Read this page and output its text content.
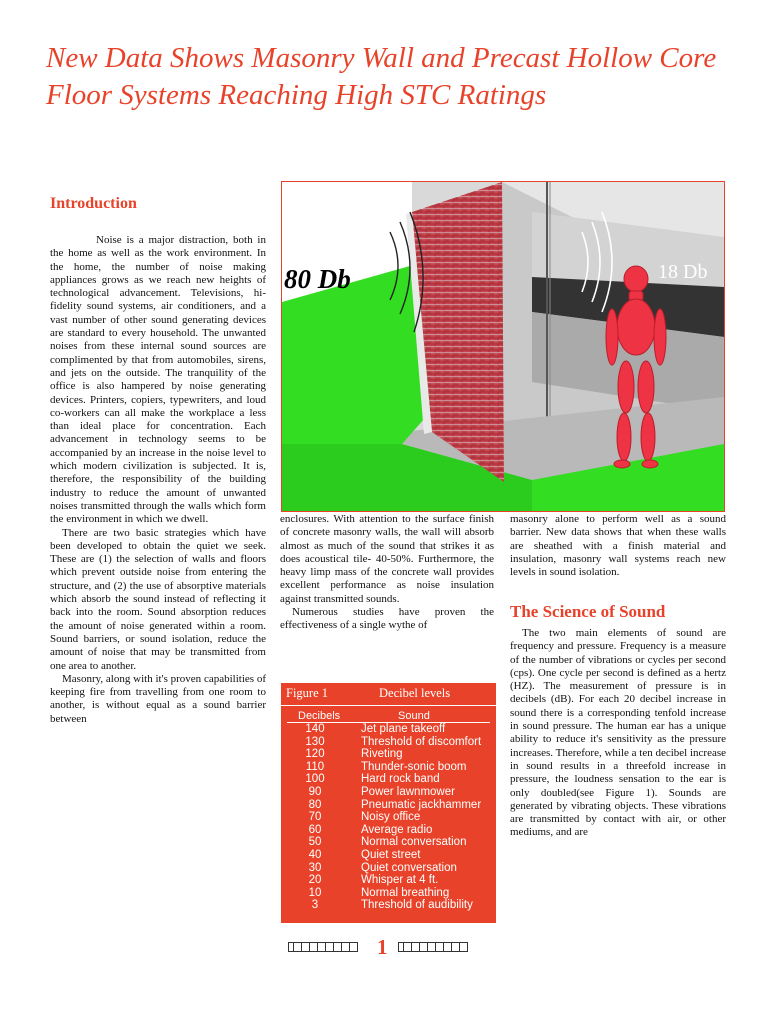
New Data Shows Masonry Wall and Precast Hollow Core Floor Systems Reaching High STC Ratings
Introduction

Noise is a major distraction, both in the home as well as the work environment. In the home, the number of noise making appliances grows as we reach new heights of technological advancement. Televisions, hi-fidelity sound systems, air conditioners, and a vast number of other sound generating devices are standard to every household. The unwanted noises from these internal sound sources are complimented by that from automobiles, sirens, and jets on the outside. The tranquility of the office is also hampered by noise generating devices. Printers, copiers, typewriters, and loud co-workers can all make the workplace a less than ideal place for concentration. Each advancement in technology seems to be accompanied by an increase in the noise level to which modern civilization is subjected. It is, therefore, the responsibility of the building industry to reduce the amount of unwanted noises transmitted through the walls which form the environment in which we dwell.

There are two basic strategies which have been developed to obtain the quiet we seek. These are (1) the selection of walls and floors which prevent outside noise from entering the structure, and (2) the use of absorptive materials which absorb the sound instead of reflecting it back into the room. Sound absorption reduces the amount of noise generated within a room. Sound barriers, or sound isolation, reduce the amount of noise that may be transmitted from one area to another.

Masonry, along with it's proven capabilities of keeping fire from travelling from one room to another, is without equal as a sound barrier between

80 Db	18 Db

enclosures. With attention to the surface finish of concrete masonry walls, the wall will absorb almost as much of the sound that strikes it as does acoustical tile- 40-50%. Furthermore, the heavy limp mass of the concrete wall provides excellent performance as noise insulation against transmitted sounds.

Numerous studies have proven the effectiveness of a single wythe of

Figure 1	Decibel levels
Decibels	Sound
140	Jet plane takeoff
130	Threshold of discomfort
120	Riveting
110	Thunder-sonic boom
100	Hard rock band
90	Power lawnmower
80	Pneumatic jackhammer
70	Noisy office
60	Average radio
50	Normal conversation
40	Quiet street
30	Quiet conversation
20	Whisper at 4 ft.
10	Normal breathing
3	Threshold of audibility

masonry alone to perform well as a sound barrier. New data shows that when these walls are sheathed with a finish material and insulation, masonry wall systems reach new levels in sound isolation.

The Science of Sound

The two main elements of sound are frequency and pressure. Frequency is a measure of the number of vibrations or cycles per second (cps). One cycle per second is defined as a hertz (HZ). The measurement of pressure is in decibels (dB). For each 20 decibel increase in sound there is a corresponding tenfold increase in sound pressure. The human ear has a unique ability to reduce it's sensitivity as the pressure increases. Therefore, while a ten decibel increase in sound results in a threefold increase in pressure, the loudness sensation to the ear is only doubled(see Figure 1). Sounds are generated by vibrating objects. These vibrations are transmitted by contact with air, or other mediums, and are

1
